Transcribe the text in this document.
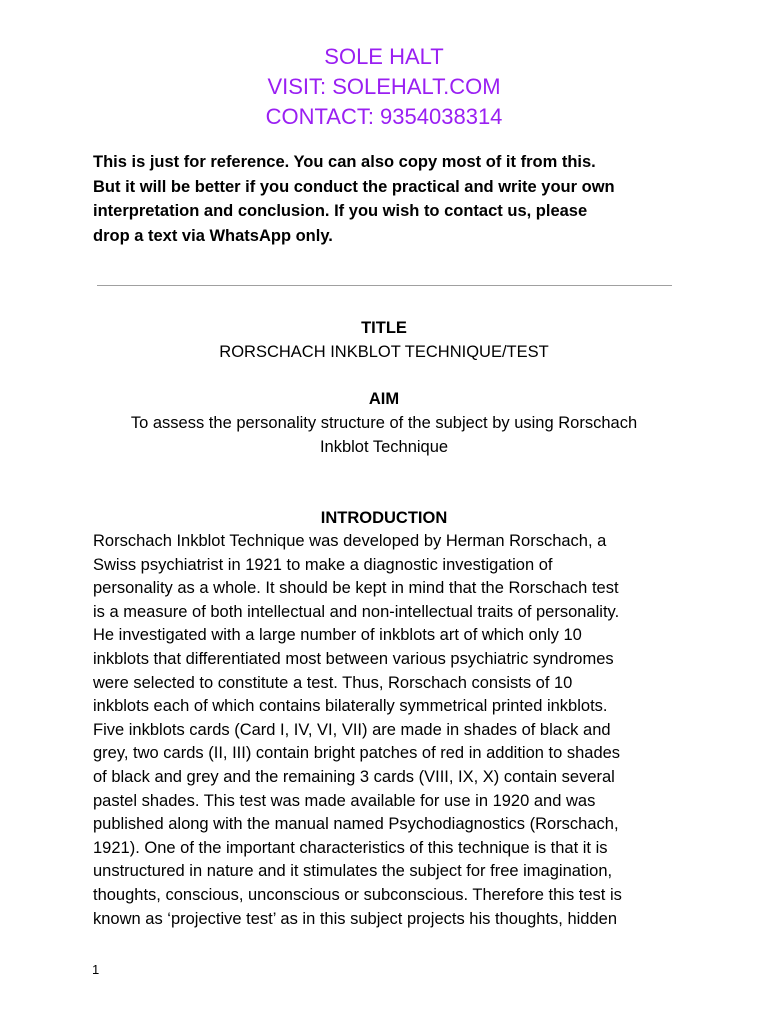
SOLE HALT
VISIT: SOLEHALT.COM
CONTACT: 9354038314
This is just for reference. You can also copy most of it from this.
But it will be better if you conduct the practical and write your own
interpretation and conclusion. If you wish to contact us, please
drop a text via WhatsApp only.
TITLE
RORSCHACH INKBLOT TECHNIQUE/TEST
AIM
To assess the personality structure of the subject by using Rorschach
Inkblot Technique
INTRODUCTION
Rorschach Inkblot Technique was developed by Herman Rorschach, a
Swiss psychiatrist in 1921 to make a diagnostic investigation of
personality as a whole. It should be kept in mind that the Rorschach test
is a measure of both intellectual and non-intellectual traits of personality.
He investigated with a large number of inkblots art of which only 10
inkblots that differentiated most between various psychiatric syndromes
were selected to constitute a test. Thus, Rorschach consists of 10
inkblots each of which contains bilaterally symmetrical printed inkblots.
Five inkblots cards (Card I, IV, VI, VII) are made in shades of black and
grey, two cards (II, III) contain bright patches of red in addition to shades
of black and grey and the remaining 3 cards (VIII, IX, X) contain several
pastel shades. This test was made available for use in 1920 and was
published along with the manual named Psychodiagnostics (Rorschach,
1921). One of the important characteristics of this technique is that it is
unstructured in nature and it stimulates the subject for free imagination,
thoughts, conscious, unconscious or subconscious. Therefore this test is
known as ‘projective test’ as in this subject projects his thoughts, hidden
1
